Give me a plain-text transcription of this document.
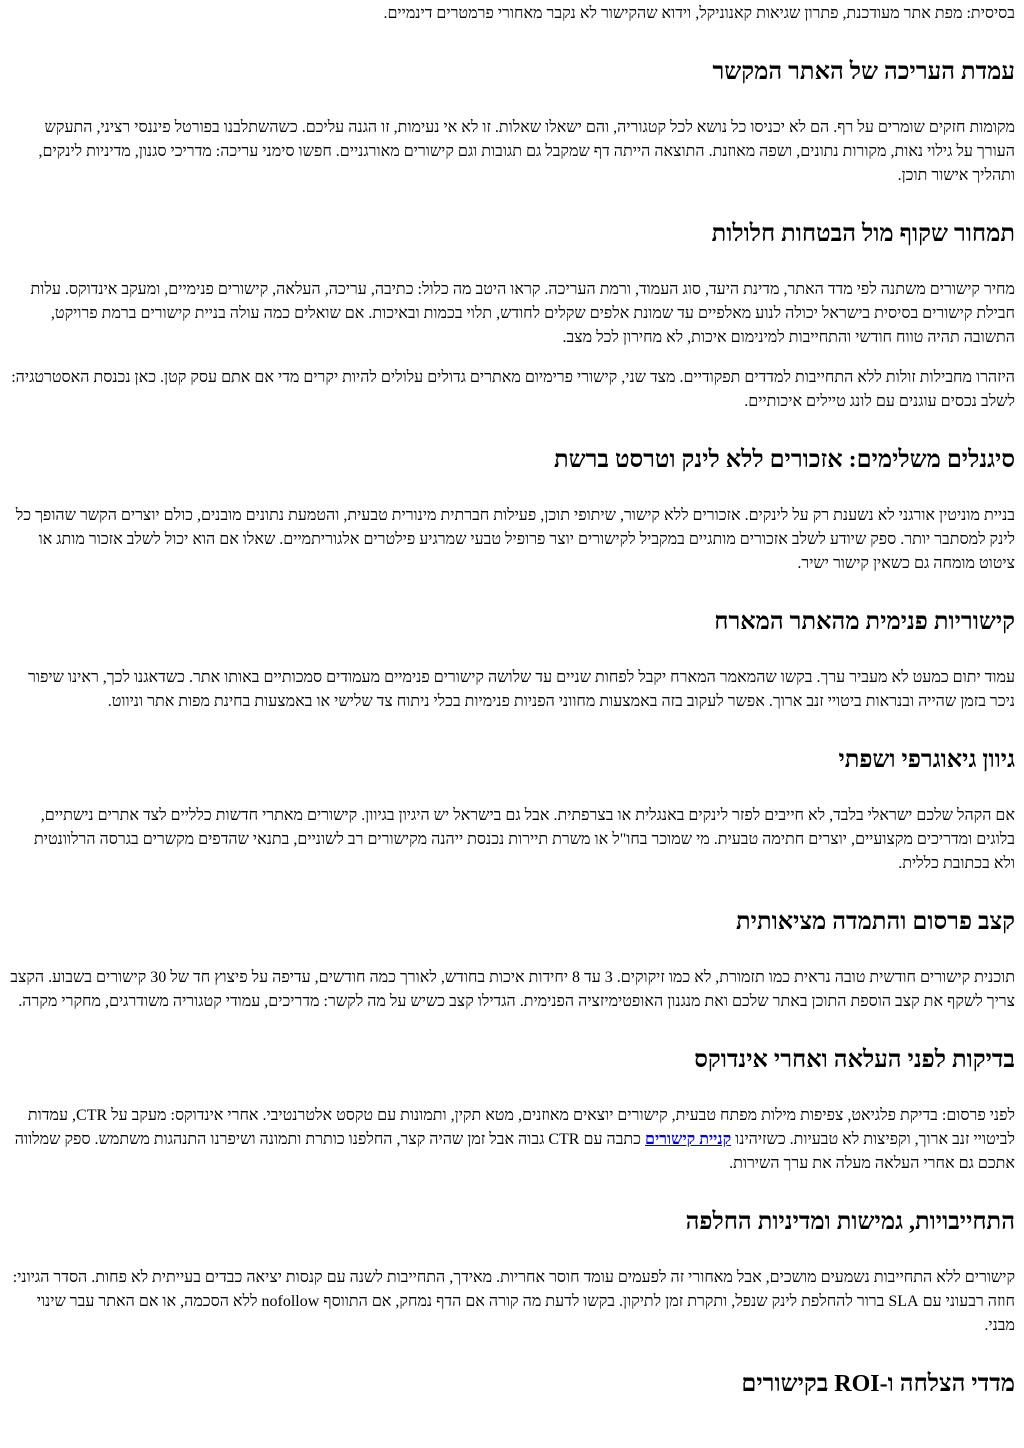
בסיסית: מפת אתר מעודכנת, פתרון שגיאות קאנוניקל, וידוא שהקישור לא נקבר מאחורי פרמטרים דינמיים.

עמדת העריכה של האתר המקשר

מקומות חזקים שומרים על רף. הם לא יכניסו כל נושא לכל קטגוריה, והם ישאלו שאלות. זו לא אי נעימות, זו הגנה עליכם. כשהשתלבנו בפורטל פיננסי רציני, התעקש העורך על גילוי נאות, מקורות נתונים, ושפה מאוזנת. התוצאה הייתה דף שמקבל גם תגובות וגם קישורים מאורגניים. חפשו סימני עריכה: מדריכי סגנון, מדיניות לינקים, ותהליך אישור תוכן.

תמחור שקוף מול הבטחות חלולות

מחיר קישורים משתנה לפי מדד האתר, מדינת היעד, סוג העמוד, ורמת העריכה. קראו היטב מה כלול: כתיבה, עריכה, העלאה, קישורים פנימיים, ומעקב אינדוקס. עלות חבילת קישורים בסיסית בישראל יכולה לנוע מאלפיים עד שמונת אלפים שקלים לחודש, תלוי בכמות ובאיכות. אם שואלים כמה עולה בניית קישורים ברמת פרויקט, התשובה תהיה טווח חודשי והתחייבות למינימום איכות, לא מחירון לכל מצב.

היזהרו מחבילות זולות ללא התחייבות למדדים תפקודיים. מצד שני, קישורי פרימיום מאתרים גדולים עלולים להיות יקרים מדי אם אתם עסק קטן. כאן נכנסת האסטרטגיה: לשלב נכסים עוגנים עם לונג טיילים איכותיים.

סיגנלים משלימים: אזכורים ללא לינק וטרסט ברשת

בניית מוניטין אורגני לא נשענת רק על לינקים. אזכורים ללא קישור, שיתופי תוכן, פעילות חברתית מינורית טבעית, והטמעת נתונים מובנים, כולם יוצרים הקשר שהופך כל לינק למסתבר יותר. ספק שיודע לשלב אזכורים מותגיים במקביל לקישורים יוצר פרופיל טבעי שמרגיע פילטרים אלגוריתמיים. שאלו אם הוא יכול לשלב אזכור מותג או ציטוט מומחה גם כשאין קישור ישיר.

קישוריות פנימית מהאתר המארח

עמוד יתום כמעט לא מעביר ערך. בקשו שהמאמר המארח יקבל לפחות שניים עד שלושה קישורים פנימיים מעמודים סמכותיים באותו אתר. כשדאגנו לכך, ראינו שיפור ניכר בזמן שהייה ובנראות ביטויי זנב ארוך. אפשר לעקוב בזה באמצעות מחווני הפניות פנימיות בכלי ניתוח צד שלישי או באמצעות בחינת מפות אתר וניווט.

גיוון גיאוגרפי ושפתי

אם הקהל שלכם ישראלי בלבד, לא חייבים לפזר לינקים באנגלית או בצרפתית. אבל גם בישראל יש היגיון בגיוון. קישורים מאתרי חדשות כלליים לצד אתרים נישתיים, בלוגים ומדריכים מקצועיים, יוצרים חתימה טבעית. מי שמוכר בחו"ל או משרת תיירות נכנסת ייהנה מקישורים רב לשוניים, בתנאי שהדפים מקשרים בגרסה הרלוונטית ולא בכתובת כללית.

קצב פרסום והתמדה מציאותית

תוכנית קישורים חודשית טובה נראית כמו תזמורת, לא כמו זיקוקים. 3 עד 8 יחידות איכות בחודש, לאורך כמה חודשים, עדיפה על פיצוץ חד של 30 קישורים בשבוע. הקצב צריך לשקף את קצב הוספת התוכן באתר שלכם ואת מנגנון האופטימיזציה הפנימית. הגדילו קצב כשיש על מה לקשר: מדריכים, עמודי קטגוריה משודרגים, מחקרי מקרה.

בדיקות לפני העלאה ואחרי אינדוקס

לפני פרסום: בדיקת פלגיאט, צפיפות מילות מפתח טבעית, קישורים יוצאים מאוזנים, מטא תקין, ותמונות עם טקסט אלטרנטיבי. אחרי אינדוקס: מעקב על CTR, עמדות לביטויי זנב ארוך, וקפיצות לא טבעיות. כשזיהינו קניית קישורים כתבה עם CTR גבוה אבל זמן שהיה קצר, החלפנו כותרת ותמונה ושיפרנו התנהגות משתמש. ספק שמלווה אתכם גם אחרי העלאה מעלה את ערך השירות.

התחייבויות, גמישות ומדיניות החלפה

קישורים ללא התחייבות נשמעים מושכים, אבל מאחורי זה לפעמים עומד חוסר אחריות. מאידך, התחייבות לשנה עם קנסות יציאה כבדים בעייתית לא פחות. הסדר הגיוני: חוזה רבעוני עם SLA ברור להחלפת לינק שנפל, ותקרת זמן לתיקון. בקשו לדעת מה קורה אם הדף נמחק, אם התווסף nofollow ללא הסכמה, או אם האתר עבר שינוי מבני.

מדדי הצלחה ו-ROI בקישורים
